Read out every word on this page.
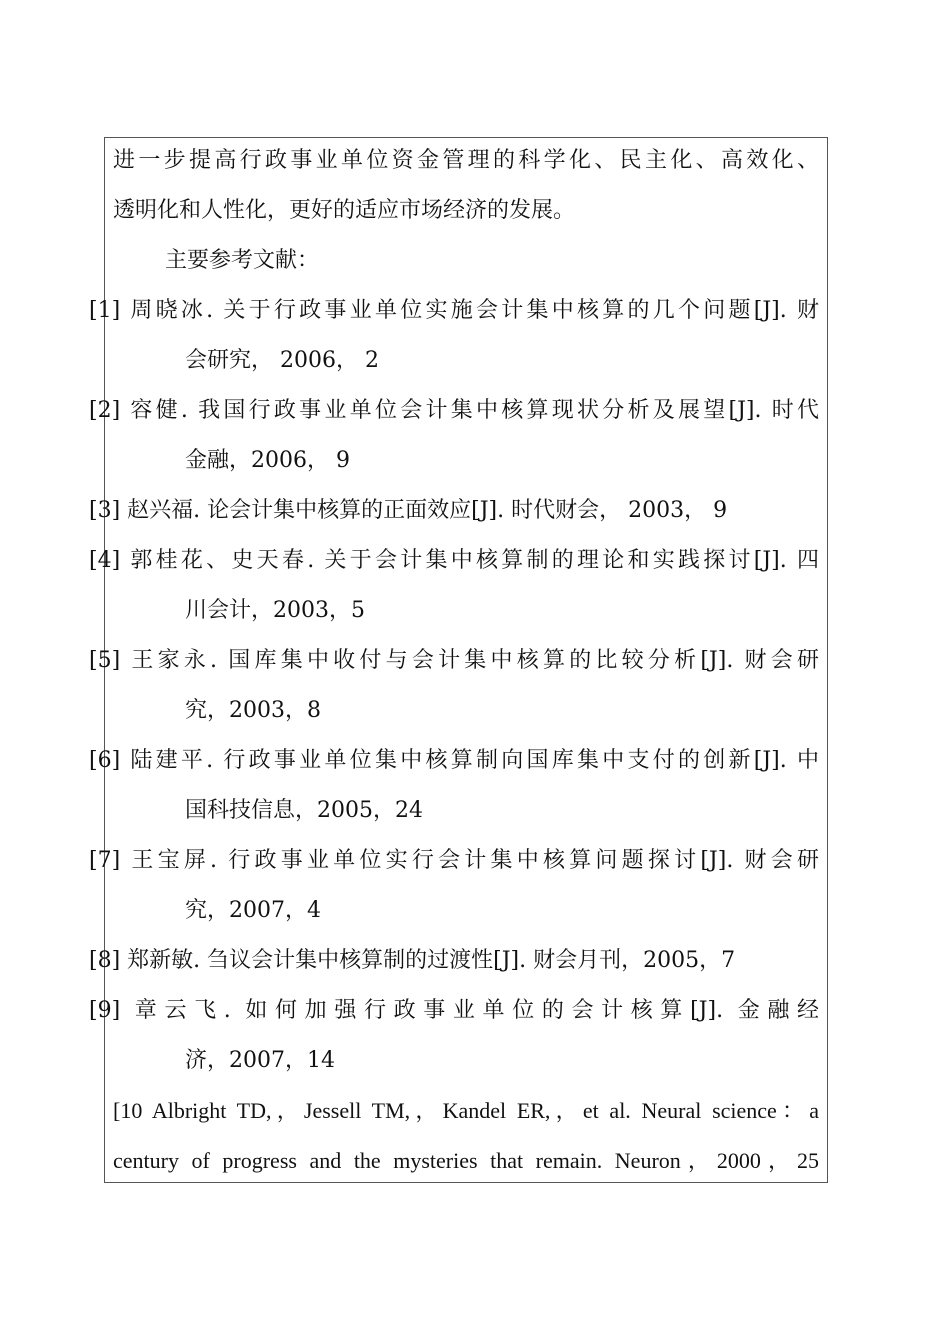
进一步提高行政事业单位资金管理的科学化、民主化、高效化、
透明化和人性化，更好的适应市场经济的发展。
主要参考文献：
[1] 周晓冰. 关于行政事业单位实施会计集中核算的几个问题[J]. 财
会研究， 2006， 2
[2] 容健. 我国行政事业单位会计集中核算现状分析及展望[J]. 时代
金融，2006， 9
[3] 赵兴福. 论会计集中核算的正面效应[J]. 时代财会， 2003， 9
[4] 郭桂花、史天春. 关于会计集中核算制的理论和实践探讨[J]. 四
川会计，2003，5
[5] 王家永. 国库集中收付与会计集中核算的比较分析[J]. 财会研
究，2003，8
[6] 陆建平. 行政事业单位集中核算制向国库集中支付的创新[J]. 中
国科技信息，2005，24
[7] 王宝屏. 行政事业单位实行会计集中核算问题探讨[J]. 财会研
究，2007，4
[8] 郑新敏. 刍议会计集中核算制的过渡性[J]. 财会月刊，2005，7
[9] 章云飞. 如何加强行政事业单位的会计核算[J]. 金融经
济，2007，14
[10 Albright TD,，Jessell TM,，Kandel ER,，et al. Neural science：a
century of progress and the mysteries that remain. Neuron，2000，25
